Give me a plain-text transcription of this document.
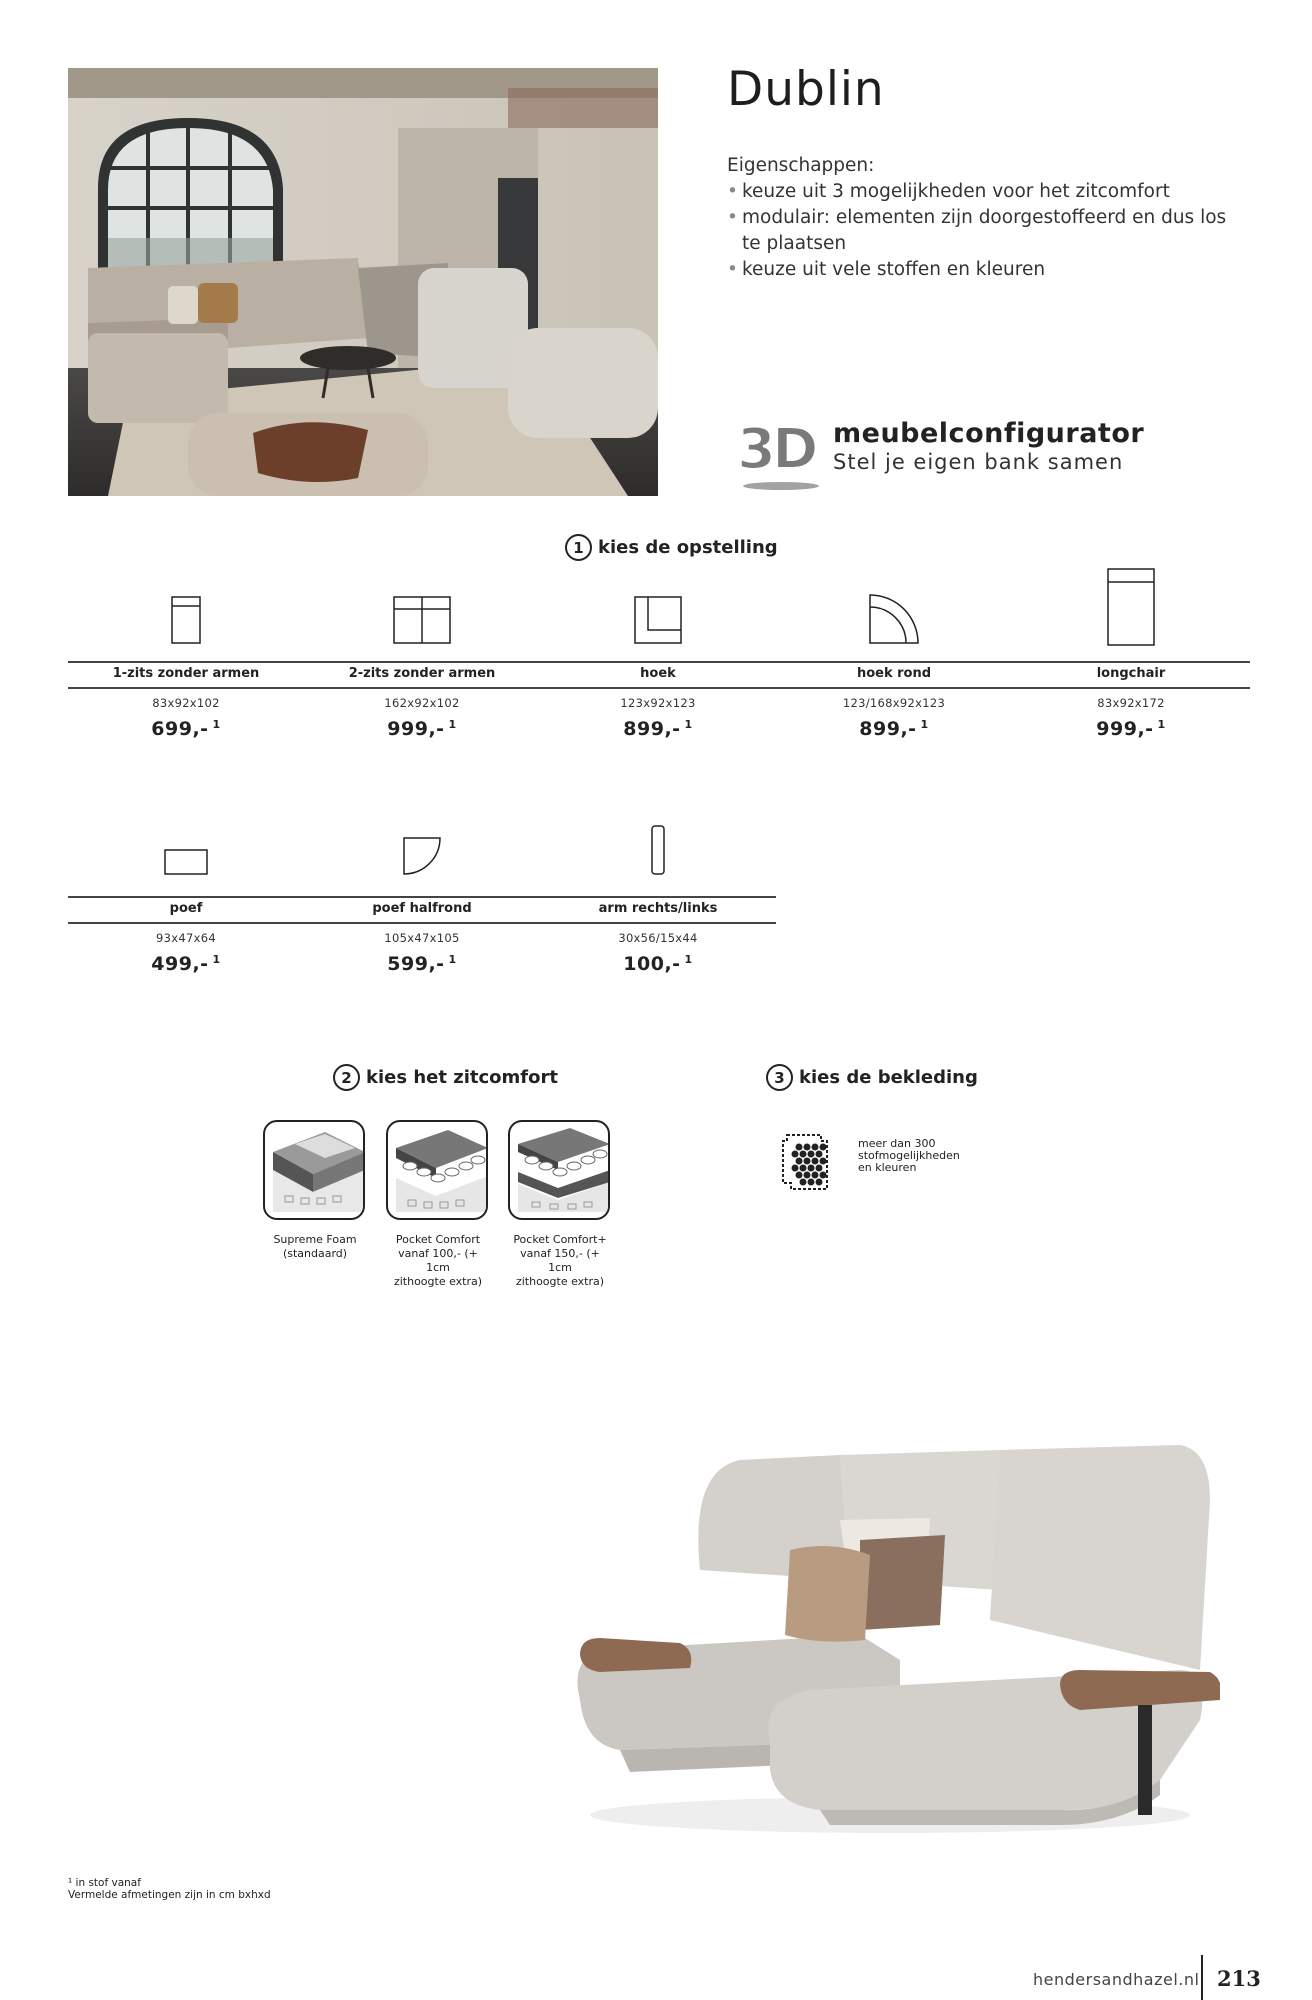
Dublin
Eigenschappen:
• keuze uit 3 mogelijkheden voor het zitcomfort
• modulair: elementen zijn doorgestoffeerd en dus los te plaatsen
• keuze uit vele stoffen en kleuren
3D meubelconfigurator
Stel je eigen bank samen
1 kies de opstelling
1-zits zonder armen
83x92x102
699,- $^1$
2-zits zonder armen
162x92x102
999,- $^1$
hoek
123x92x123
899,- $^1$
hoek rond
123/168x92x123
899,- $^1$
longchair
83x92x172
999,- $^1$
poef
93x47x64
499,- $^1$
poef halfrond
105x47x105
599,- $^1$
arm rechts/links
30x56/15x44
100,- $^1$
2 kies het zitcomfort
Supreme Foam
(standaard)
Pocket Comfort
vanaf 100,- (+ 1cm
zithoogte extra)
Pocket Comfort+
vanaf 150,- (+ 1cm
zithoogte extra)
3 kies de bekleding
meer dan 300
stofmogelijkheden
en kleuren
¹ in stof vanaf
Vermelde afmetingen zijn in cm bxhxd
hendersandhazel.nl 213
